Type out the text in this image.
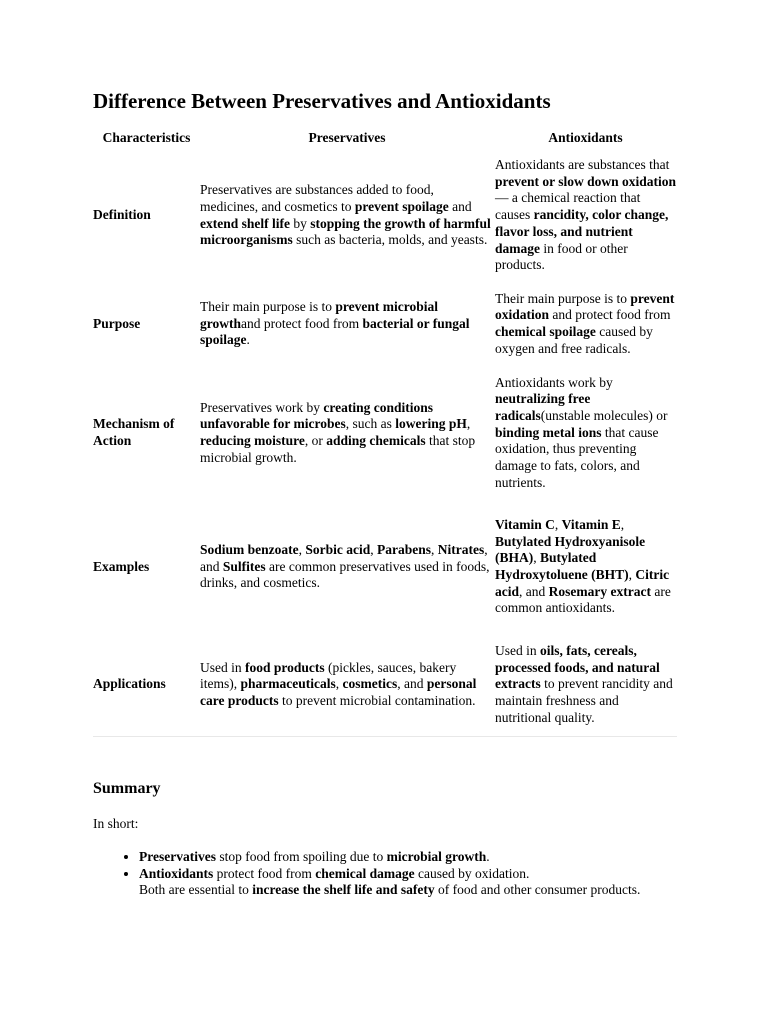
Difference Between Preservatives and Antioxidants
Characteristics	Preservatives	Antioxidants
Definition	Preservatives are substances added to food, medicines, and cosmetics to prevent spoilage and extend shelf life by stopping the growth of harmful microorganisms such as bacteria, molds, and yeasts.	Antioxidants are substances that prevent or slow down oxidation — a chemical reaction that causes rancidity, color change, flavor loss, and nutrient damage in food or other products.
Purpose	Their main purpose is to prevent microbial growthand protect food from bacterial or fungal spoilage.	Their main purpose is to prevent oxidation and protect food from chemical spoilage caused by oxygen and free radicals.
Mechanism of Action	Preservatives work by creating conditions unfavorable for microbes, such as lowering pH, reducing moisture, or adding chemicals that stop microbial growth.	Antioxidants work by neutralizing free radicals(unstable molecules) or binding metal ions that cause oxidation, thus preventing damage to fats, colors, and nutrients.
Examples	Sodium benzoate, Sorbic acid, Parabens, Nitrates, and Sulfites are common preservatives used in foods, drinks, and cosmetics.	Vitamin C, Vitamin E, Butylated Hydroxyanisole (BHA), Butylated Hydroxytoluene (BHT), Citric acid, and Rosemary extract are common antioxidants.
Applications	Used in food products (pickles, sauces, bakery items), pharmaceuticals, cosmetics, and personal care products to prevent microbial contamination.	Used in oils, fats, cereals, processed foods, and natural extracts to prevent rancidity and maintain freshness and nutritional quality.
Summary

In short:

• Preservatives stop food from spoiling due to microbial growth.
• Antioxidants protect food from chemical damage caused by oxidation.
Both are essential to increase the shelf life and safety of food and other consumer products.
